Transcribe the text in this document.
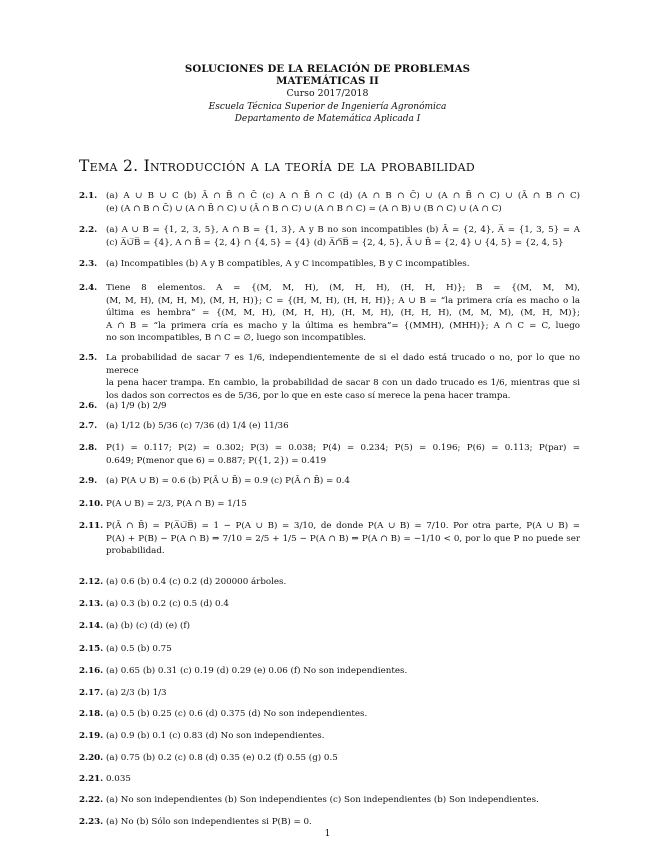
SOLUCIONES DE LA RELACIÓN DE PROBLEMAS
MATEMÁTICAS II
Curso 2017/2018
Escuela Técnica Superior de Ingeniería Agronómica
Departamento de Matemática Aplicada I
Tema 2. Introducción a la teoría de la probabilidad
2.1.	(a) A ∪ B ∪ C (b) Ā ∩ B̄ ∩ C̄ (c) A ∩ B̄ ∩ C (d) (A ∩ B ∩ C̄) ∪ (A ∩ B̄ ∩ C) ∪ (Ā ∩ B ∩ C)
(e) (A ∩ B ∩ C̄) ∪ (A ∩ B̄ ∩ C) ∪ (Ā ∩ B ∩ C) ∪ (A ∩ B ∩ C) = (A ∩ B) ∪ (B ∩ C) ∪ (A ∩ C)
2.2.	(a) A ∪ B = {1, 2, 3, 5}, A ∩ B = {1, 3}, A y B no son incompatibles (b) Ā = {2, 4}, A̅ = {1, 3, 5} = A
(c) A̅∪̅B̅ = {4}, A ∩ B̄ = {2, 4} ∩ {4, 5} = {4} (d) A̅∩̅B̅ = {2, 4, 5}, Ā ∪ B̄ = {2, 4} ∪ {4, 5} = {2, 4, 5}
2.3.	(a) Incompatibles (b) A y B compatibles, A y C incompatibles, B y C incompatibles.
2.4.	Tiene 8 elementos. A = {(M, M, H), (M, H, H), (H, H, H)}; B = {(M, M, M),
(M, M, H), (M, H, M), (M, H, H)}; C = {(H, M, H), (H, H, H)}; A ∪ B = “la primera cría es macho o la
última es hembra” = {(M, M, H), (M, H, H), (H, M, H), (H, H, H), (M, M, M), (M, H, M)};
A ∩ B = “la primera cría es macho y la última es hembra”= {(MMH), (MHH)}; A ∩ C = C, luego
no son incompatibles, B ∩ C = ∅, luego son incompatibles.
2.5.	La probabilidad de sacar 7 es 1/6, independientemente de si el dado está trucado o no, por lo que no merece
la pena hacer trampa. En cambio, la probabilidad de sacar 8 con un dado trucado es 1/6, mientras que si
los dados son correctos es de 5/36, por lo que en este caso sí merece la pena hacer trampa.
2.6.	(a) 1/9 (b) 2/9
2.7.	(a) 1/12 (b) 5/36 (c) 7/36 (d) 1/4 (e) 11/36
2.8.	P(1) = 0.117; P(2) = 0.302; P(3) = 0.038; P(4) = 0.234; P(5) = 0.196; P(6) = 0.113; P(par) =
0.649; P(menor que 6) = 0.887; P({1, 2}) = 0.419
2.9.	(a) P(A ∪ B) = 0.6 (b) P(Ā ∪ B̄) = 0.9 (c) P(Ā ∩ B̄) = 0.4
2.10. P(A ∪ B) = 2/3, P(A ∩ B) = 1/15
2.11. P(Ā ∩ B̄) = P(A̅∪̅B̅) = 1 − P(A ∪ B) = 3/10, de donde P(A ∪ B) = 7/10. Por otra parte, P(A ∪ B) =
P(A) + P(B) − P(A ∩ B) ⇒ 7/10 = 2/5 + 1/5 − P(A ∩ B) ⇒ P(A ∩ B) = −1/10 < 0, por lo que P no puede ser
probabilidad.
2.12. (a) 0.6 (b) 0.4 (c) 0.2 (d) 200000 árboles.
2.13. (a) 0.3 (b) 0.2 (c) 0.5 (d) 0.4
2.14. (a) (b) (c) (d) (e) (f)
2.15. (a) 0.5 (b) 0.75
2.16. (a) 0.65 (b) 0.31 (c) 0.19 (d) 0.29 (e) 0.06 (f) No son independientes.
2.17. (a) 2/3 (b) 1/3
2.18. (a) 0.5 (b) 0.25 (c) 0.6 (d) 0.375 (d) No son independientes.
2.19. (a) 0.9 (b) 0.1 (c) 0.83 (d) No son independientes.
2.20. (a) 0.75 (b) 0.2 (c) 0.8 (d) 0.35 (e) 0.2 (f) 0.55 (g) 0.5
2.21. 0.035
2.22. (a) No son independientes (b) Son independientes (c) Son independientes (b) Son independientes.
2.23. (a) No (b) Sólo son independientes si P(B) = 0.
1
